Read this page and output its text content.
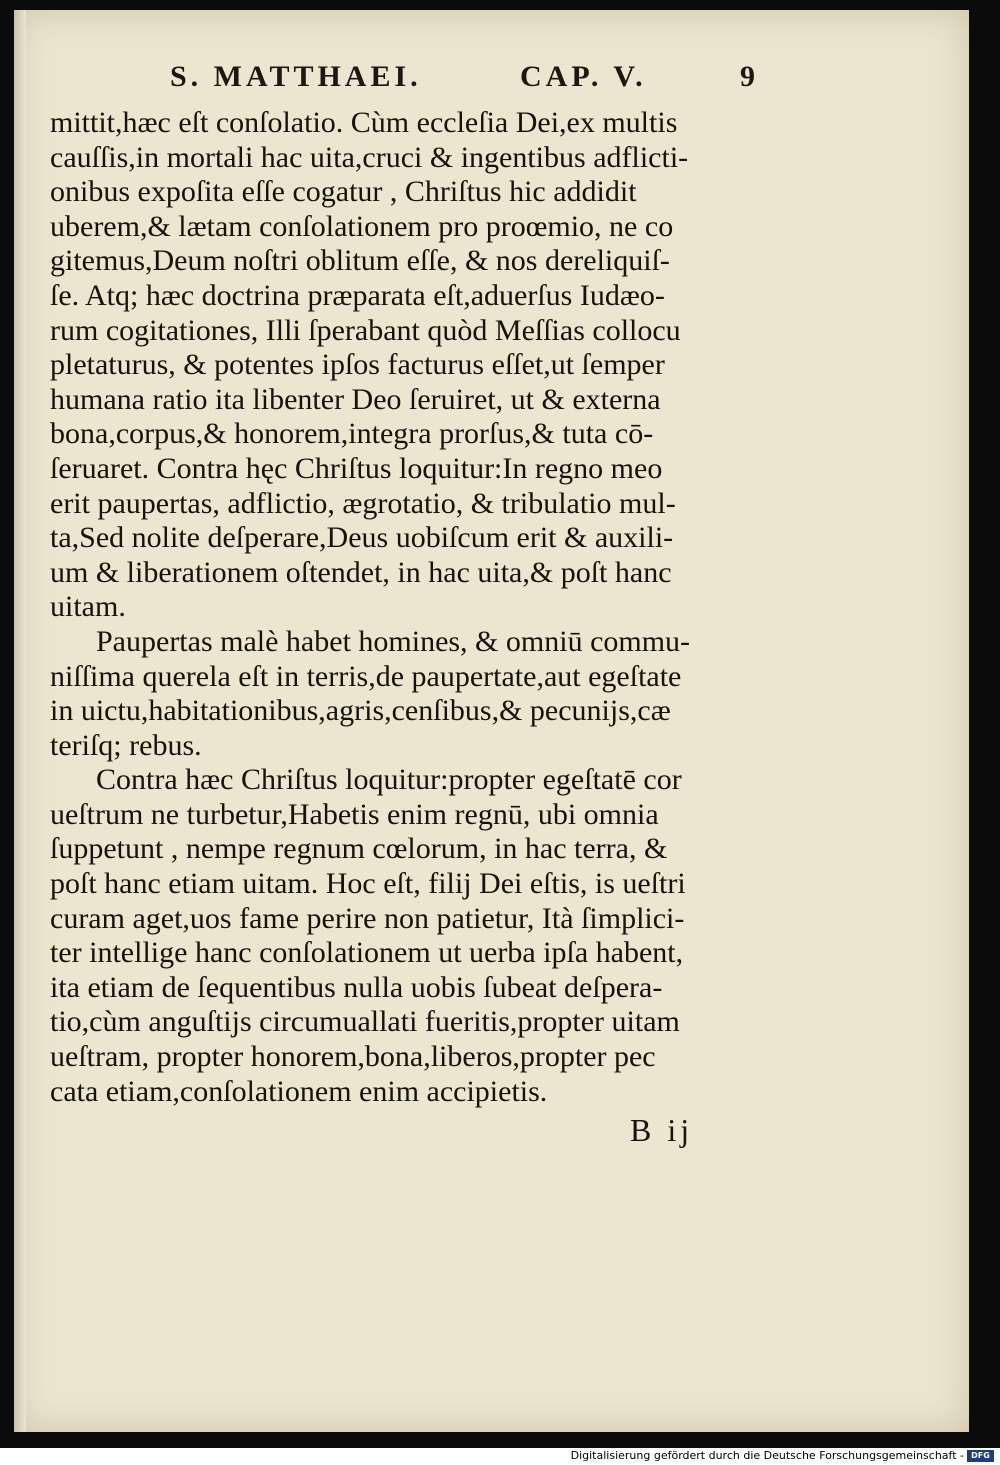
S. MATTHAEI.	CAP. V.	9
mittit,hæc eſt conſolatio. Cùm eccleſia Dei,ex multis
cauſſis,in mortali hac uita,cruci & ingentibus adflicti-
onibus expoſita eſſe cogatur , Chriſtus hic addidit
uberem,& lætam conſolationem pro proœmio, ne co
gitemus,Deum noſtri oblitum eſſe, & nos dereliquiſ-
ſe. Atq; hæc doctrina præparata eſt,aduerſus Iudæo-
rum cogitationes, Illi ſperabant quòd Meſſias collocu
pletaturus, & potentes ipſos facturus eſſet,ut ſemper
humana ratio ita libenter Deo ſeruiret, ut & externa
bona,corpus,& honorem,integra prorſus,& tuta cō-
ſeruaret. Contra hęc Chriſtus loquitur:In regno meo
erit paupertas, adflictio, ægrotatio, & tribulatio mul-
ta,Sed nolite deſperare,Deus uobiſcum erit & auxili-
um & liberationem oſtendet, in hac uita,& poſt hanc
uitam.
Paupertas malè habet homines, & omniū commu-
niſſima querela eſt in terris,de paupertate,aut egeſtate
in uictu,habitationibus,agris,cenſibus,& pecunijs,cæ
teriſq; rebus.
Contra hæc Chriſtus loquitur:propter egeſtatē cor
ueſtrum ne turbetur,Habetis enim regnū, ubi omnia
ſuppetunt , nempe regnum cœlorum, in hac terra, &
poſt hanc etiam uitam. Hoc eſt, filij Dei eſtis, is ueſtri
curam aget,uos fame perire non patietur, Ità ſimplici-
ter intellige hanc conſolationem ut uerba ipſa habent,
ita etiam de ſequentibus nulla uobis ſubeat deſpera-
tio,cùm anguſtijs circumuallati fueritis,propter uitam
ueſtram, propter honorem,bona,liberos,propter pec
cata etiam,conſolationem enim accipietis.
B ij
Digitalisierung gefördert durch die Deutsche Forschungsgemeinschaft - DFG
